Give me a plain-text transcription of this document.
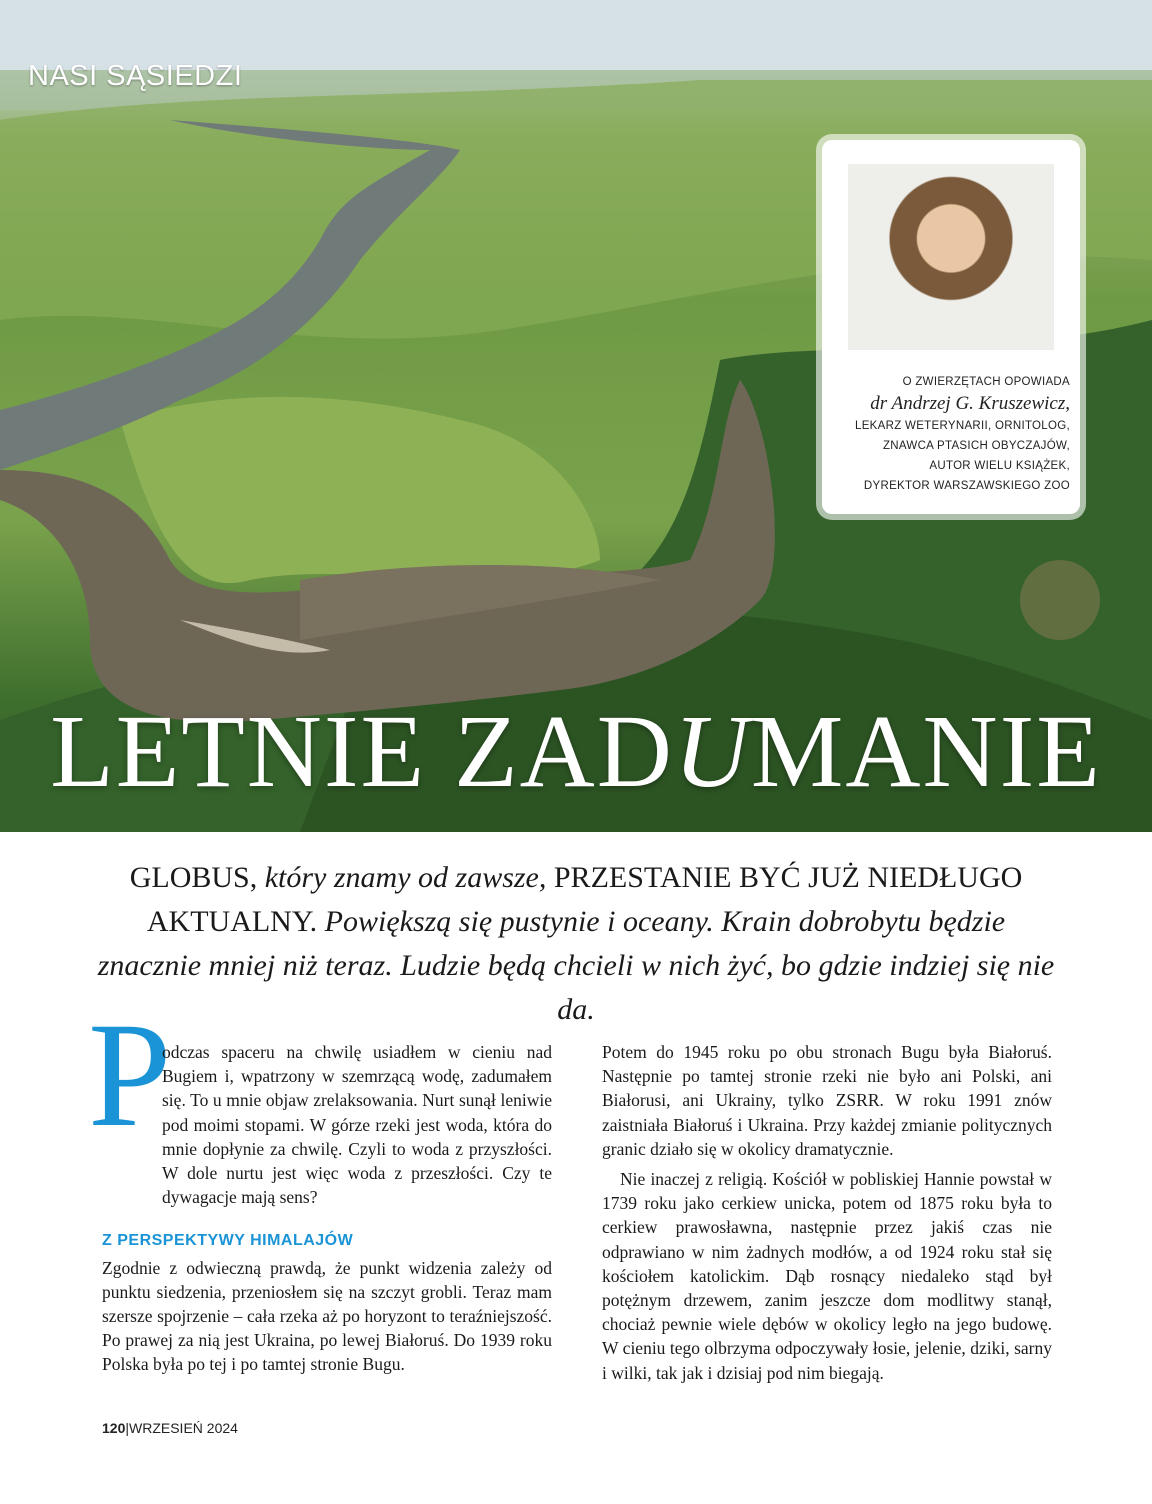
NASI SĄSIEDZI
O ZWIERZĘTACH OPOWIADA
dr Andrzej G. Kruszewicz,
LEKARZ WETERYNARII, ORNITOLOG,
ZNAWCA PTASICH OBYCZAJÓW,
AUTOR WIELU KSIĄŻEK,
DYREKTOR WARSZAWSKIEGO ZOO
LETNIE ZADUMANIE
GLOBUS, który znamy od zawsze, PRZESTANIE BYĆ JUŻ NIEDŁUGO AKTUALNY. Powiększą się pustynie i oceany. Krain dobrobytu będzie znacznie mniej niż teraz. Ludzie będą chcieli w nich żyć, bo gdzie indziej się nie da.
P

odczas spaceru na chwilę usiadłem w cieniu nad Bugiem i, wpatrzony w szemrzącą wodę, zadumałem się. To u mnie objaw zrelaksowania. Nurt sunął leniwie pod moimi stopami. W górze rzeki jest woda, która do mnie dopłynie za chwilę. Czyli to woda z przyszłości. W dole nurtu jest więc woda z przeszłości. Czy te dywagacje mają sens?

Z PERSPEKTYWY HIMALAJÓW

Zgodnie z odwieczną prawdą, że punkt widzenia zależy od punktu siedzenia, przeniosłem się na szczyt grobli. Teraz mam szersze spojrzenie – cała rzeka aż po horyzont to teraźniejszość. Po prawej za nią jest Ukraina, po lewej Białoruś. Do 1939 roku Polska była po tej i po tamtej stronie Bugu.

Potem do 1945 roku po obu stronach Bugu była Białoruś. Następnie po tamtej stronie rzeki nie było ani Polski, ani Białorusi, ani Ukrainy, tylko ZSRR. W roku 1991 znów zaistniała Białoruś i Ukraina. Przy każdej zmianie politycznych granic działo się w okolicy dramatycznie.

Nie inaczej z religią. Kościół w pobliskiej Hannie powstał w 1739 roku jako cerkiew unicka, potem od 1875 roku była to cerkiew prawosławna, następnie przez jakiś czas nie odprawiano w nim żadnych modłów, a od 1924 roku stał się kościołem katolickim. Dąb rosnący niedaleko stąd był potężnym drzewem, zanim jeszcze dom modlitwy stanął, chociaż pewnie wiele dębów w okolicy legło na jego budowę. W cieniu tego olbrzyma odpoczywały łosie, jelenie, dziki, sarny i wilki, tak jak i dzisiaj pod nim biegają.

120|WRZESIEŃ 2024
